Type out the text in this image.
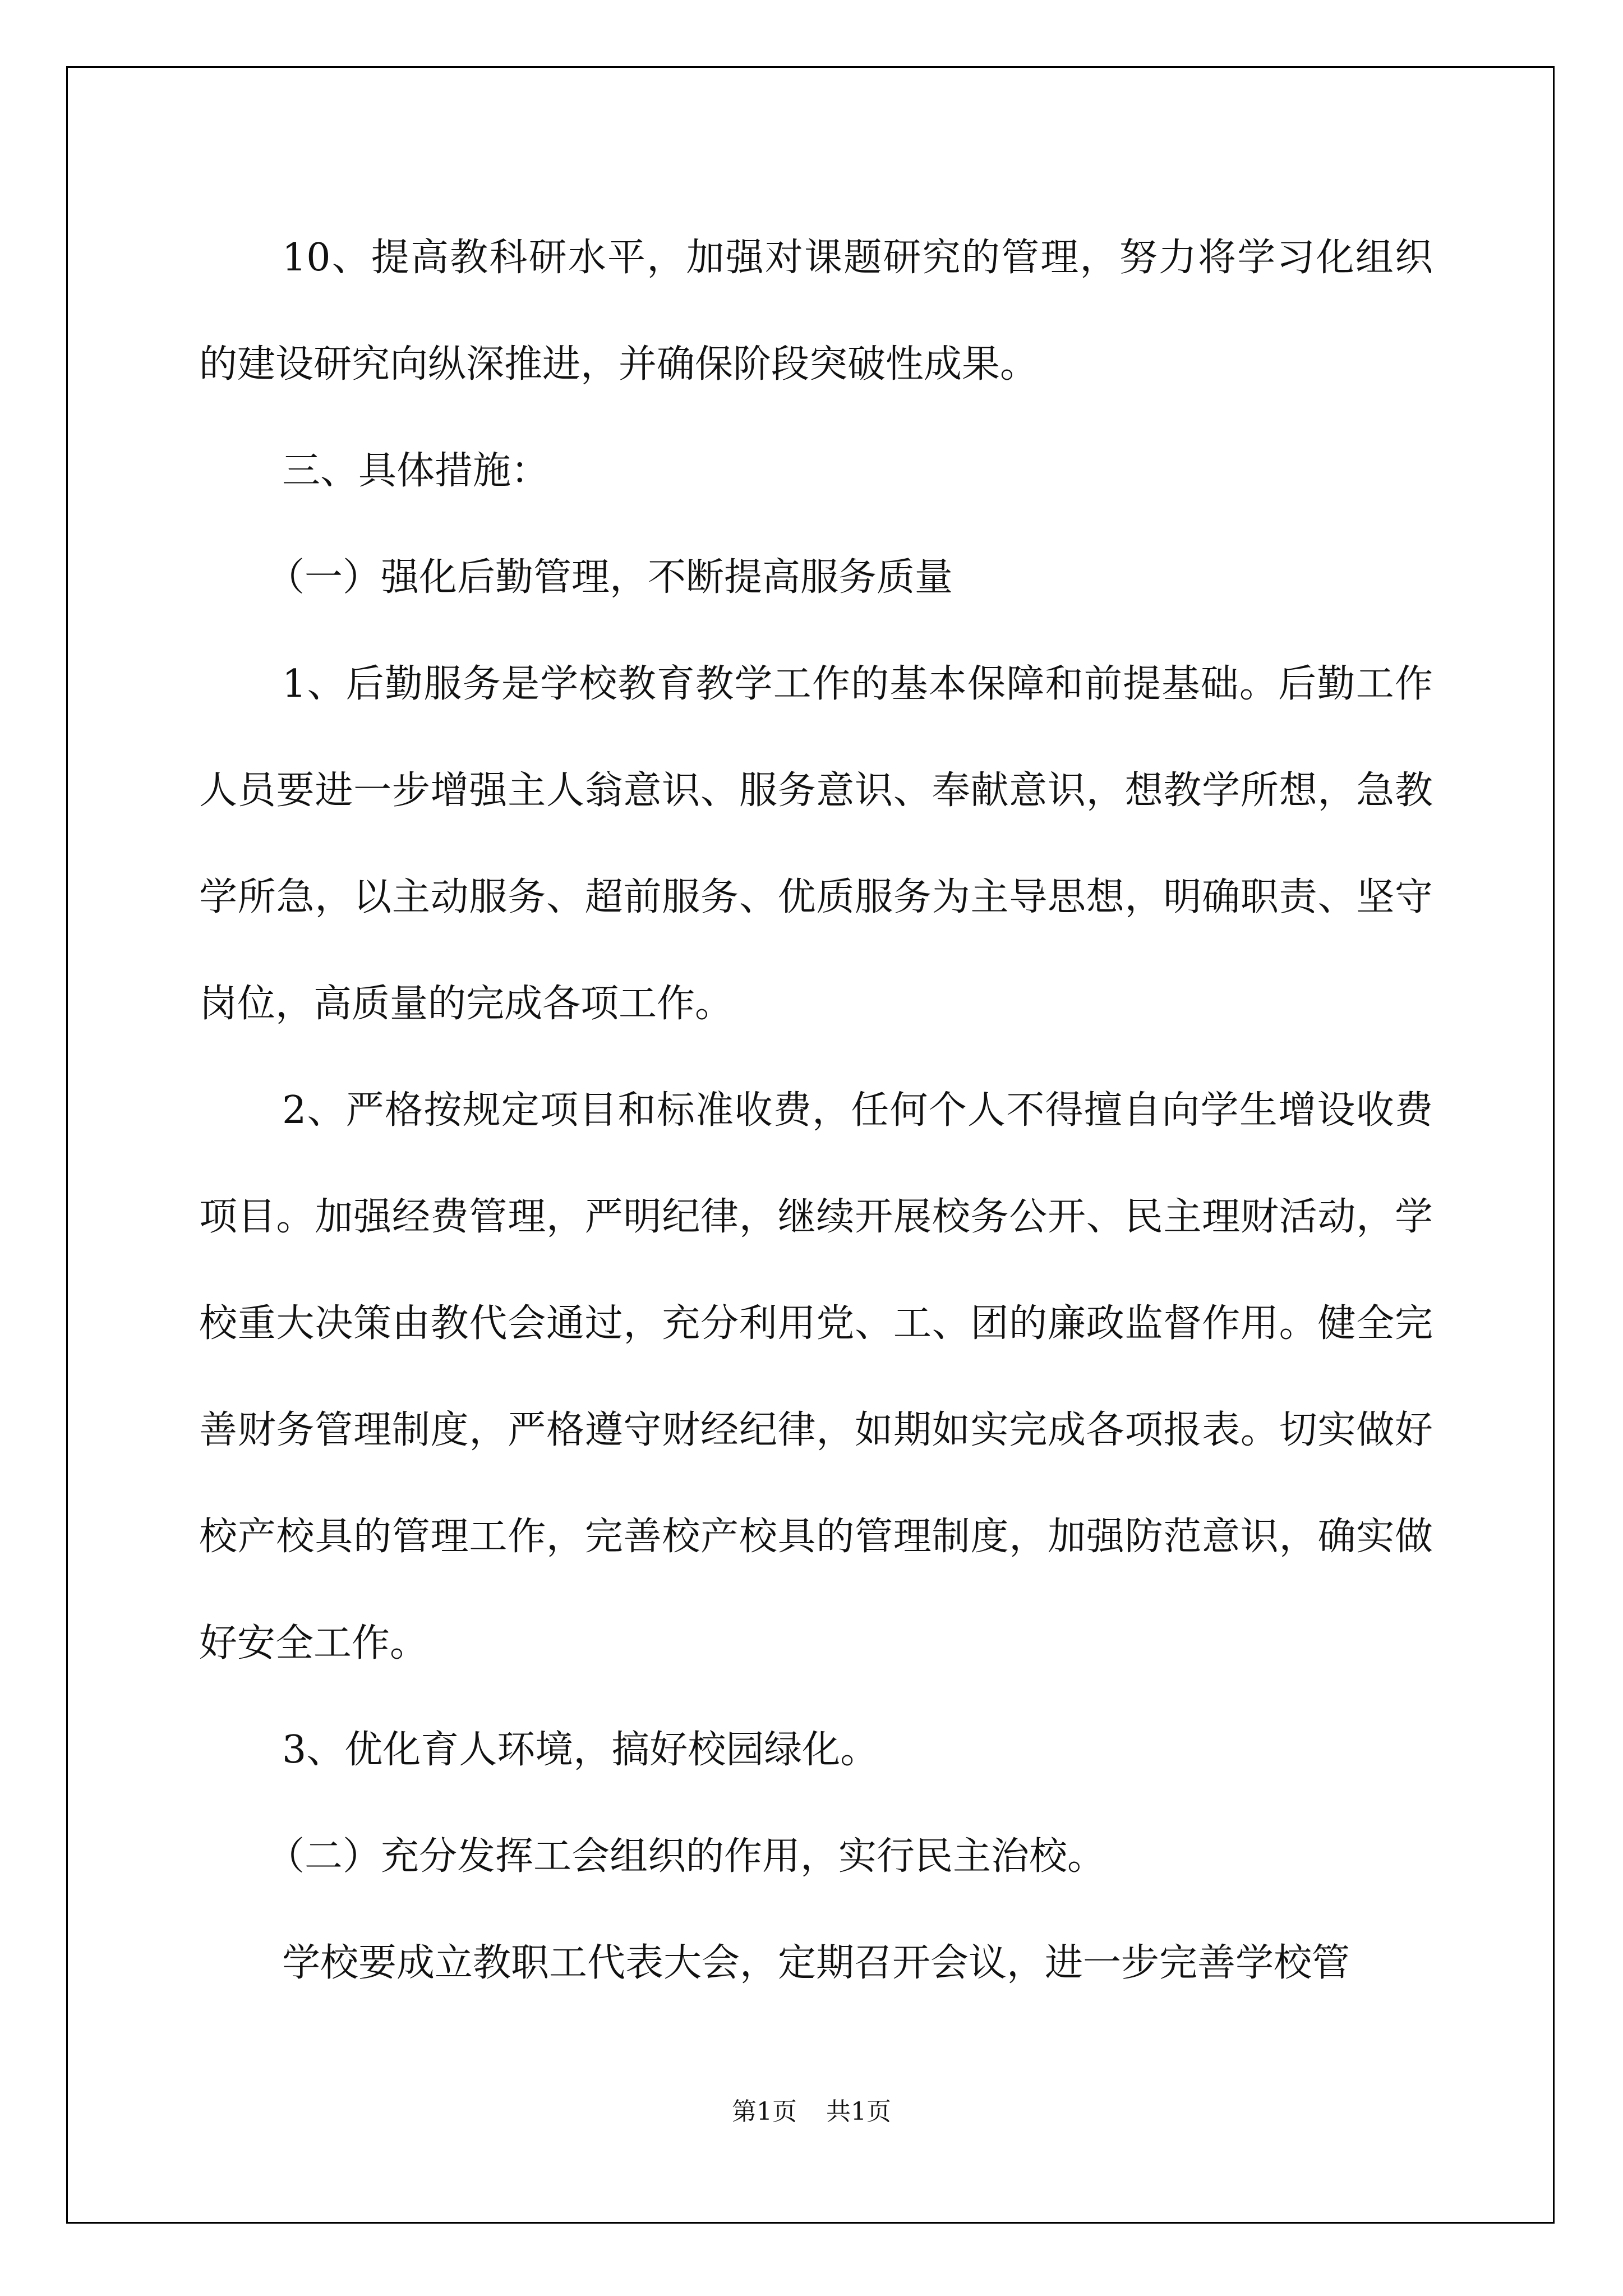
10、提高教科研水平，加强对课题研究的管理，努力将学习化组织的建设研究向纵深推进，并确保阶段突破性成果。

三、具体措施：

（一）强化后勤管理，不断提高服务质量

1、后勤服务是学校教育教学工作的基本保障和前提基础。后勤工作人员要进一步增强主人翁意识、服务意识、奉献意识，想教学所想，急教学所急，以主动服务、超前服务、优质服务为主导思想，明确职责、坚守岗位，高质量的完成各项工作。

2、严格按规定项目和标准收费，任何个人不得擅自向学生增设收费项目。加强经费管理，严明纪律，继续开展校务公开、民主理财活动，学校重大决策由教代会通过，充分利用党、工、团的廉政监督作用。健全完善财务管理制度，严格遵守财经纪律，如期如实完成各项报表。切实做好校产校具的管理工作，完善校产校具的管理制度，加强防范意识，确实做好安全工作。

3、优化育人环境，搞好校园绿化。

（二）充分发挥工会组织的作用，实行民主治校。

学校要成立教职工代表大会，定期召开会议，进一步完善学校管

第1页 共1页
